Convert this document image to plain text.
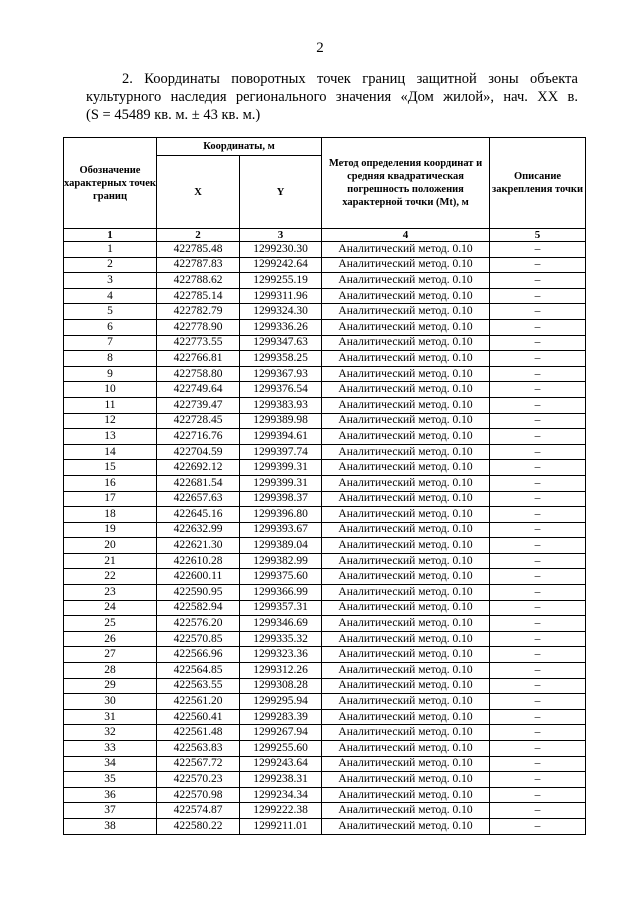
2
2. Координаты поворотных точек границ защитной зоны объекта
культурного наследия регионального значения «Дом жилой», нач. XX в.
(S = 45489 кв. м. ± 43 кв. м.)
Обозначение характерных точек границ	Координаты, м		Метод определения координат и средняя квадратическая погрешность положения характерной точки (Mt), м	Описание закрепления точки
	X	Y		
1	2	3	4	5
1	422785.48	1299230.30	Аналитический метод. 0.10	–
2	422787.83	1299242.64	Аналитический метод. 0.10	–
3	422788.62	1299255.19	Аналитический метод. 0.10	–
4	422785.14	1299311.96	Аналитический метод. 0.10	–
5	422782.79	1299324.30	Аналитический метод. 0.10	–
6	422778.90	1299336.26	Аналитический метод. 0.10	–
7	422773.55	1299347.63	Аналитический метод. 0.10	–
8	422766.81	1299358.25	Аналитический метод. 0.10	–
9	422758.80	1299367.93	Аналитический метод. 0.10	–
10	422749.64	1299376.54	Аналитический метод. 0.10	–
11	422739.47	1299383.93	Аналитический метод. 0.10	–
12	422728.45	1299389.98	Аналитический метод. 0.10	–
13	422716.76	1299394.61	Аналитический метод. 0.10	–
14	422704.59	1299397.74	Аналитический метод. 0.10	–
15	422692.12	1299399.31	Аналитический метод. 0.10	–
16	422681.54	1299399.31	Аналитический метод. 0.10	–
17	422657.63	1299398.37	Аналитический метод. 0.10	–
18	422645.16	1299396.80	Аналитический метод. 0.10	–
19	422632.99	1299393.67	Аналитический метод. 0.10	–
20	422621.30	1299389.04	Аналитический метод. 0.10	–
21	422610.28	1299382.99	Аналитический метод. 0.10	–
22	422600.11	1299375.60	Аналитический метод. 0.10	–
23	422590.95	1299366.99	Аналитический метод. 0.10	–
24	422582.94	1299357.31	Аналитический метод. 0.10	–
25	422576.20	1299346.69	Аналитический метод. 0.10	–
26	422570.85	1299335.32	Аналитический метод. 0.10	–
27	422566.96	1299323.36	Аналитический метод. 0.10	–
28	422564.85	1299312.26	Аналитический метод. 0.10	–
29	422563.55	1299308.28	Аналитический метод. 0.10	–
30	422561.20	1299295.94	Аналитический метод. 0.10	–
31	422560.41	1299283.39	Аналитический метод. 0.10	–
32	422561.48	1299267.94	Аналитический метод. 0.10	–
33	422563.83	1299255.60	Аналитический метод. 0.10	–
34	422567.72	1299243.64	Аналитический метод. 0.10	–
35	422570.23	1299238.31	Аналитический метод. 0.10	–
36	422570.98	1299234.34	Аналитический метод. 0.10	–
37	422574.87	1299222.38	Аналитический метод. 0.10	–
38	422580.22	1299211.01	Аналитический метод. 0.10	–
